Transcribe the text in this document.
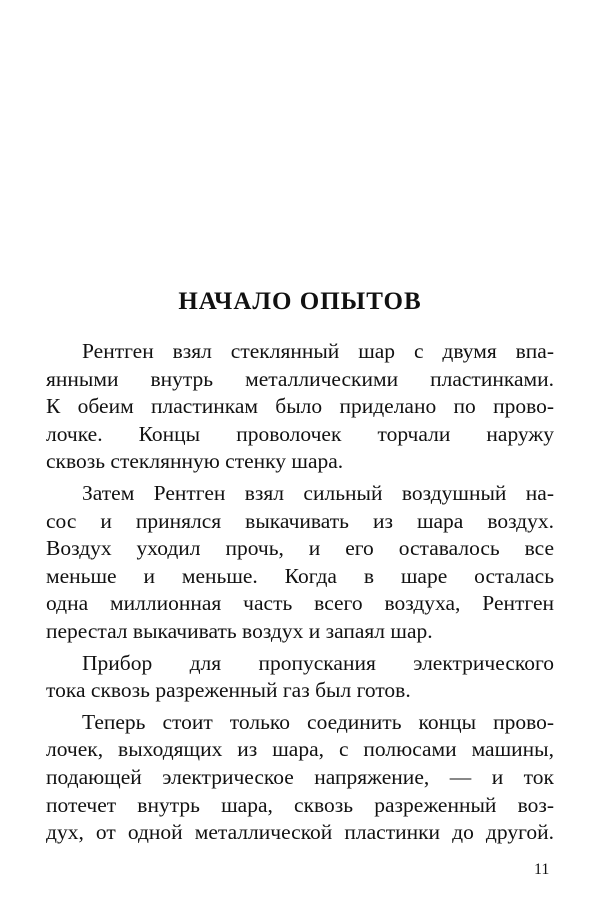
НАЧАЛО ОПЫТОВ

Рентген взял стеклянный шар с двумя впа-
янными внутрь металлическими пластинками.
К обеим пластинкам было приделано по прово-
лочке. Концы проволочек торчали наружу
сквозь стеклянную стенку шара.

Затем Рентген взял сильный воздушный на-
сос и принялся выкачивать из шара воздух.
Воздух уходил прочь, и его оставалось все
меньше и меньше. Когда в шаре осталась
одна миллионная часть всего воздуха, Рентген
перестал выкачивать воздух и запаял шар.

Прибор для пропускания электрического
тока сквозь разреженный газ был готов.

Теперь стоит только соединить концы прово-
лочек, выходящих из шара, с полюсами машины,
подающей электрическое напряжение, — и ток
потечет внутрь шара, сквозь разреженный воз-
дух, от одной металлической пластинки до другой.

11
